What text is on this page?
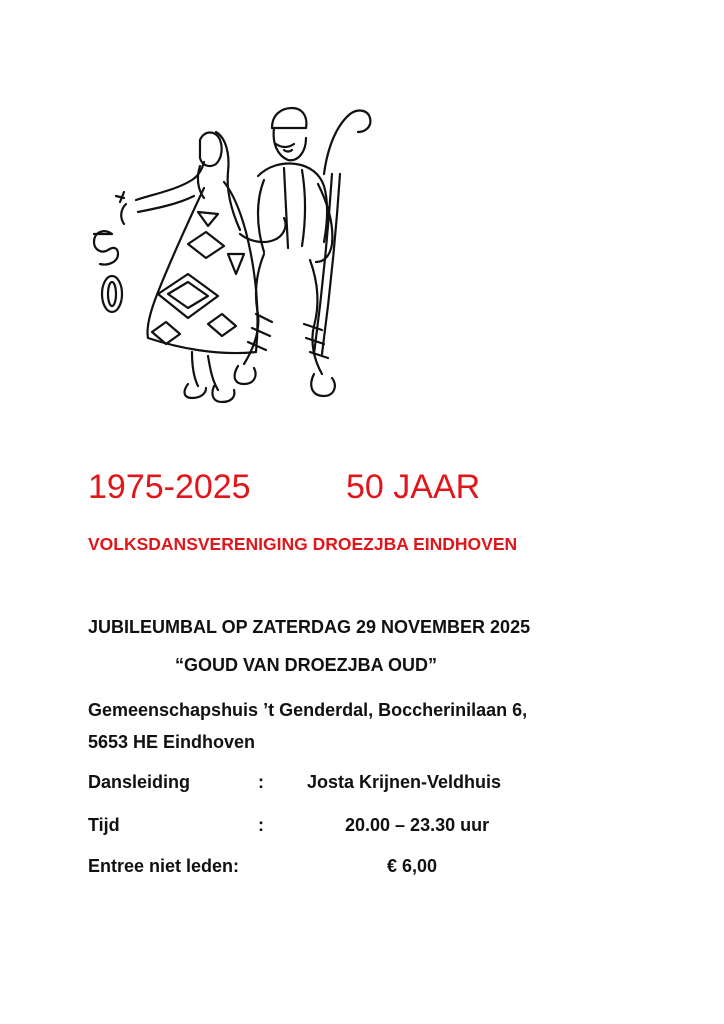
1975-2025	50 JAAR
VOLKSDANSVERENIGING DROEZJBA EINDHOVEN
JUBILEUMBAL OP ZATERDAG 29 NOVEMBER 2025
“GOUD VAN DROEZJBA OUD”
Gemeenschapshuis ’t Genderdal, Boccherinilaan 6,
5653 HE Eindhoven
Dansleiding	: Josta Krijnen-Veldhuis
Tijd	:	20.00 – 23.30 uur
Entree niet leden:	€ 6,00
